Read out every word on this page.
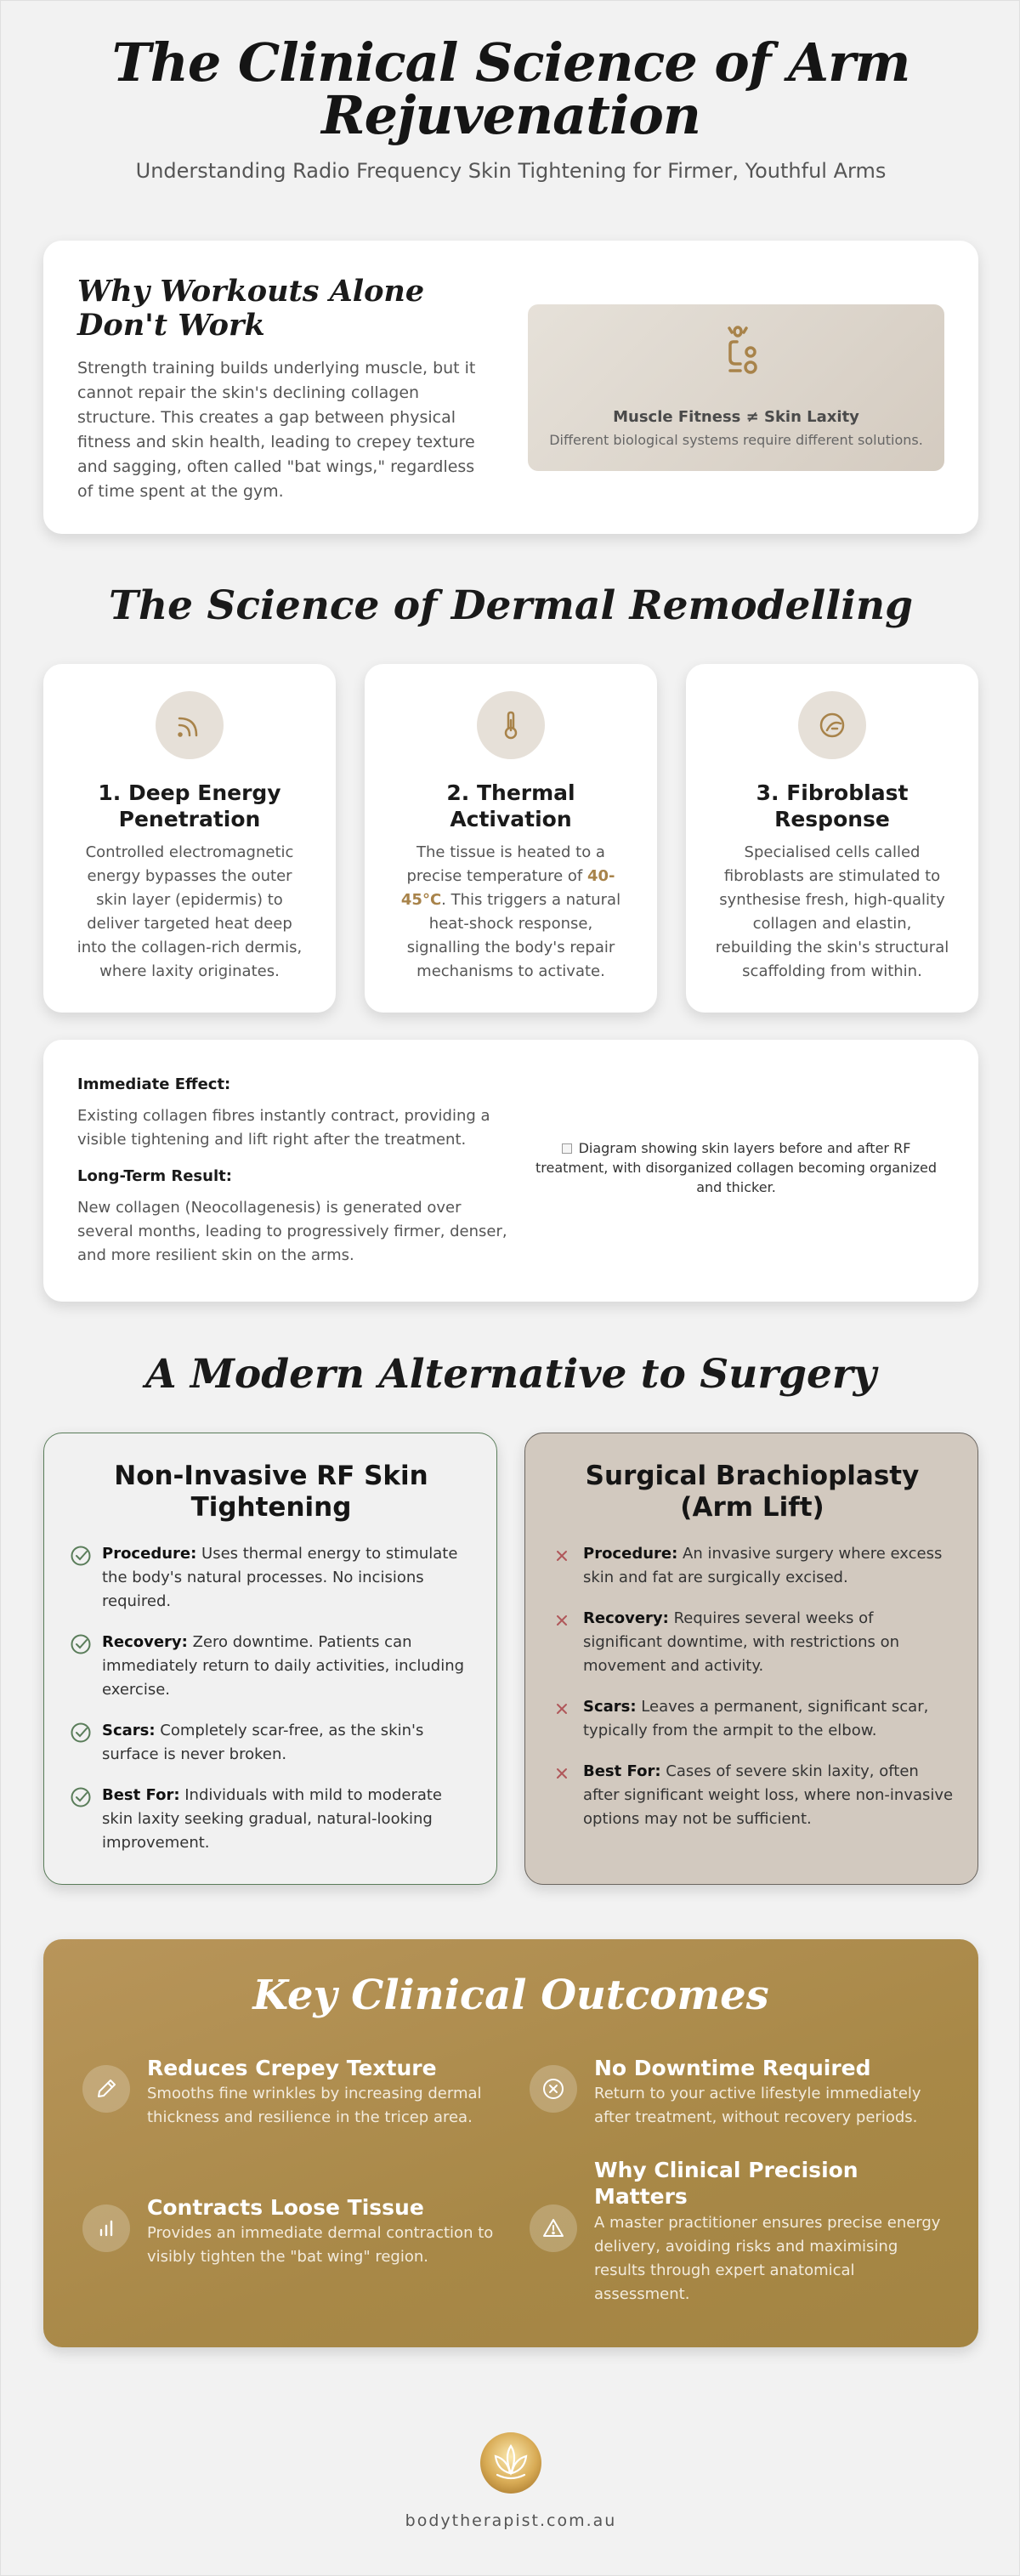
The Clinical Science of Arm Rejuvenation

Understanding Radio Frequency Skin Tightening for Firmer, Youthful Arms

Why Workouts Alone Don't Work

Strength training builds underlying muscle, but it cannot repair the skin's declining collagen structure. This creates a gap between physical fitness and skin health, leading to crepey texture and sagging, often called "bat wings," regardless of time spent at the gym.

Muscle Fitness ≠ Skin Laxity
Different biological systems require different solutions.
The Science of Dermal Remodelling
1. Deep Energy Penetration

Controlled electromagnetic energy bypasses the outer skin layer (epidermis) to deliver targeted heat deep into the collagen-rich dermis, where laxity originates.

2. Thermal Activation

The tissue is heated to a precise temperature of 40-45°C. This triggers a natural heat-shock response, signalling the body's repair mechanisms to activate.

3. Fibroblast Response

Specialised cells called fibroblasts are stimulated to synthesise fresh, high-quality collagen and elastin, rebuilding the skin's structural scaffolding from within.

Immediate Effect:

Existing collagen fibres instantly contract, providing a visible tightening and lift right after the treatment.

Long-Term Result:

New collagen (Neocollagenesis) is generated over several months, leading to progressively firmer, denser, and more resilient skin on the arms.

Diagram showing skin layers before and after RF treatment, with disorganized collagen becoming organized and thicker.
A Modern Alternative to Surgery
Non-Invasive RF Skin Tightening
Procedure: Uses thermal energy to stimulate the body's natural processes. No incisions required.
Recovery: Zero downtime. Patients can immediately return to daily activities, including exercise.
Scars: Completely scar-free, as the skin's surface is never broken.
Best For: Individuals with mild to moderate skin laxity seeking gradual, natural-looking improvement.
Surgical Brachioplasty (Arm Lift)
Procedure: An invasive surgery where excess skin and fat are surgically excised.
Recovery: Requires several weeks of significant downtime, with restrictions on movement and activity.
Scars: Leaves a permanent, significant scar, typically from the armpit to the elbow.
Best For: Cases of severe skin laxity, often after significant weight loss, where non-invasive options may not be sufficient.
Key Clinical Outcomes
Reduces Crepey Texture
Smooths fine wrinkles by increasing dermal thickness and resilience in the tricep area.
No Downtime Required
Return to your active lifestyle immediately after treatment, without recovery periods.
Contracts Loose Tissue
Provides an immediate dermal contraction to visibly tighten the "bat wing" region.
Why Clinical Precision Matters
A master practitioner ensures precise energy delivery, avoiding risks and maximising results through expert anatomical assessment.
bodytherapist.com.au
